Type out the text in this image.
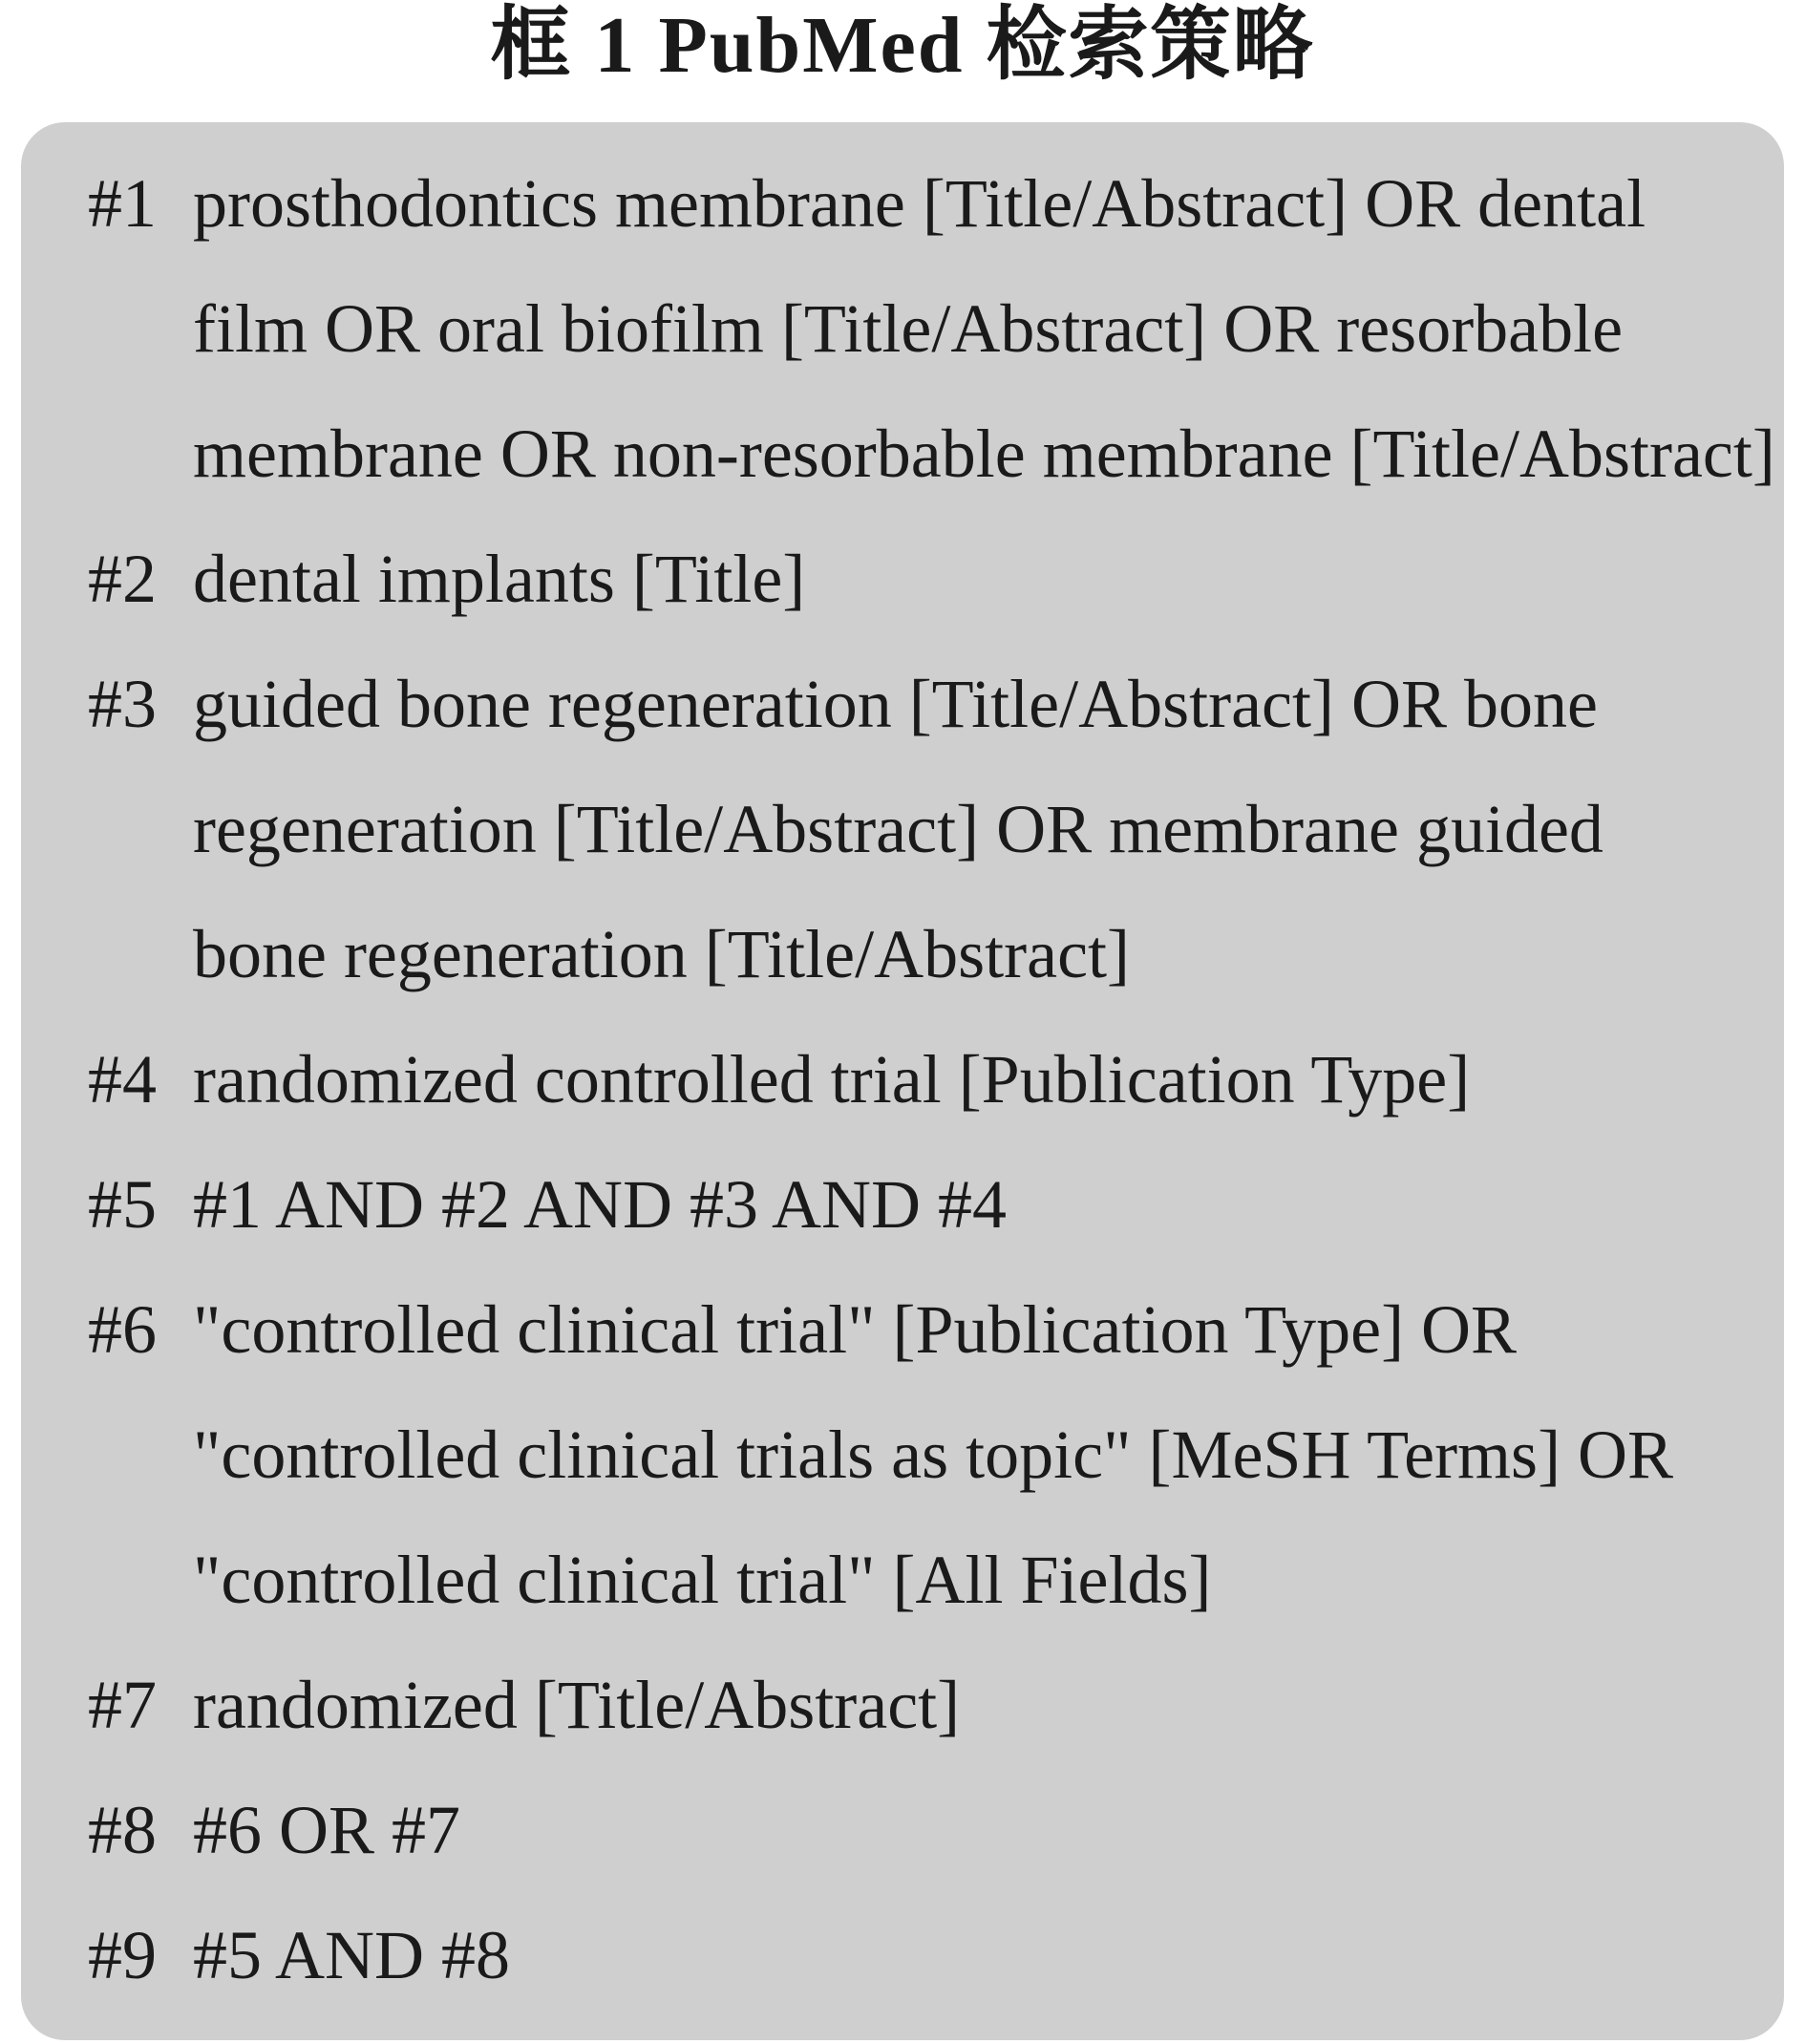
框 1 PubMed 检索策略
#1 prosthodontics membrane [Title/Abstract] OR dental
film OR oral biofilm [Title/Abstract] OR resorbable
membrane OR non-resorbable membrane [Title/Abstract]
#2 dental implants [Title]
#3 guided bone regeneration [Title/Abstract] OR bone
regeneration [Title/Abstract] OR membrane guided
bone regeneration [Title/Abstract]
#4 randomized controlled trial [Publication Type]
#5 #1 AND #2 AND #3 AND #4
#6 "controlled clinical trial" [Publication Type] OR
"controlled clinical trials as topic" [MeSH Terms] OR
"controlled clinical trial" [All Fields]
#7 randomized [Title/Abstract]
#8 #6 OR #7
#9 #5 AND #8
